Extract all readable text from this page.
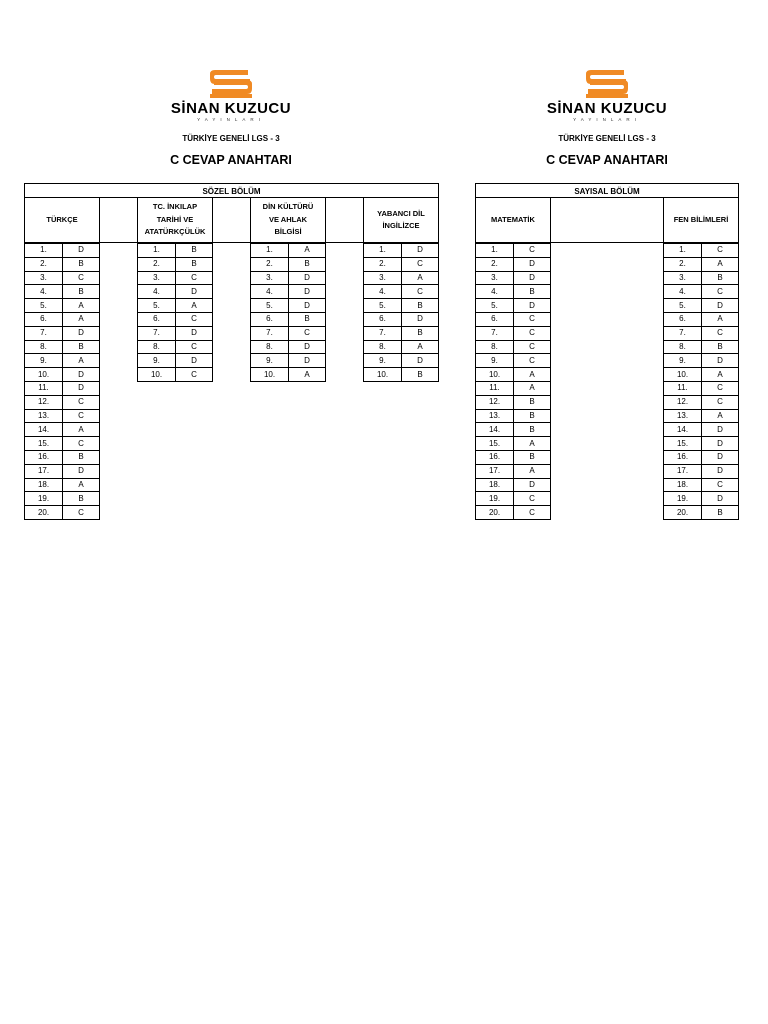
SİNAN KUZUCU
YAYINLARI
TÜRKİYE GENELİ LGS - 3
C CEVAP ANAHTARI
SİNAN KUZUCU
YAYINLARI
TÜRKİYE GENELİ LGS - 3
C CEVAP ANAHTARI
SÖZEL BÖLÜM	SAYISAL BÖLÜM
TÜRKÇE
TC. İNKILAP
TARİHİ VE
ATATÜRKÇÜLÜK
DİN KÜLTÜRÜ
VE AHLAK
BİLGİSİ
YABANCI DİL
İNGİLİZCE
MATEMATİK	FEN BİLİMLERİ
1.	D
2.	B
3.	C
4.	B
5.	A
6.	A
7.	D
8.	B
9.	A
10.	D
11.	D
12.	C
13.	C
14.	A
15.	C
16.	B
17.	D
18.	A
19.	B
20.	C
1.	B
2.	B
3.	C
4.	D
5.	A
6.	C
7.	D
8.	C
9.	D
10.	C
1.	A
2.	B
3.	D
4.	D
5.	D
6.	B
7.	C
8.	D
9.	D
10.	A
1.	D
2.	C
3.	A
4.	C
5.	B
6.	D
7.	B
8.	A
9.	D
10.	B
1.	C
2.	D
3.	D
4.	B
5.	D
6.	C
7.	C
8.	C
9.	C
10.	A
11.	A
12.	B
13.	B
14.	B
15.	A
16.	B
17.	A
18.	D
19.	C
20.	C
1.	C
2.	A
3.	B
4.	C
5.	D
6.	A
7.	C
8.	B
9.	D
10.	A
11.	C
12.	C
13.	A
14.	D
15.	D
16.	D
17.	D
18.	C
19.	D
20.	B
